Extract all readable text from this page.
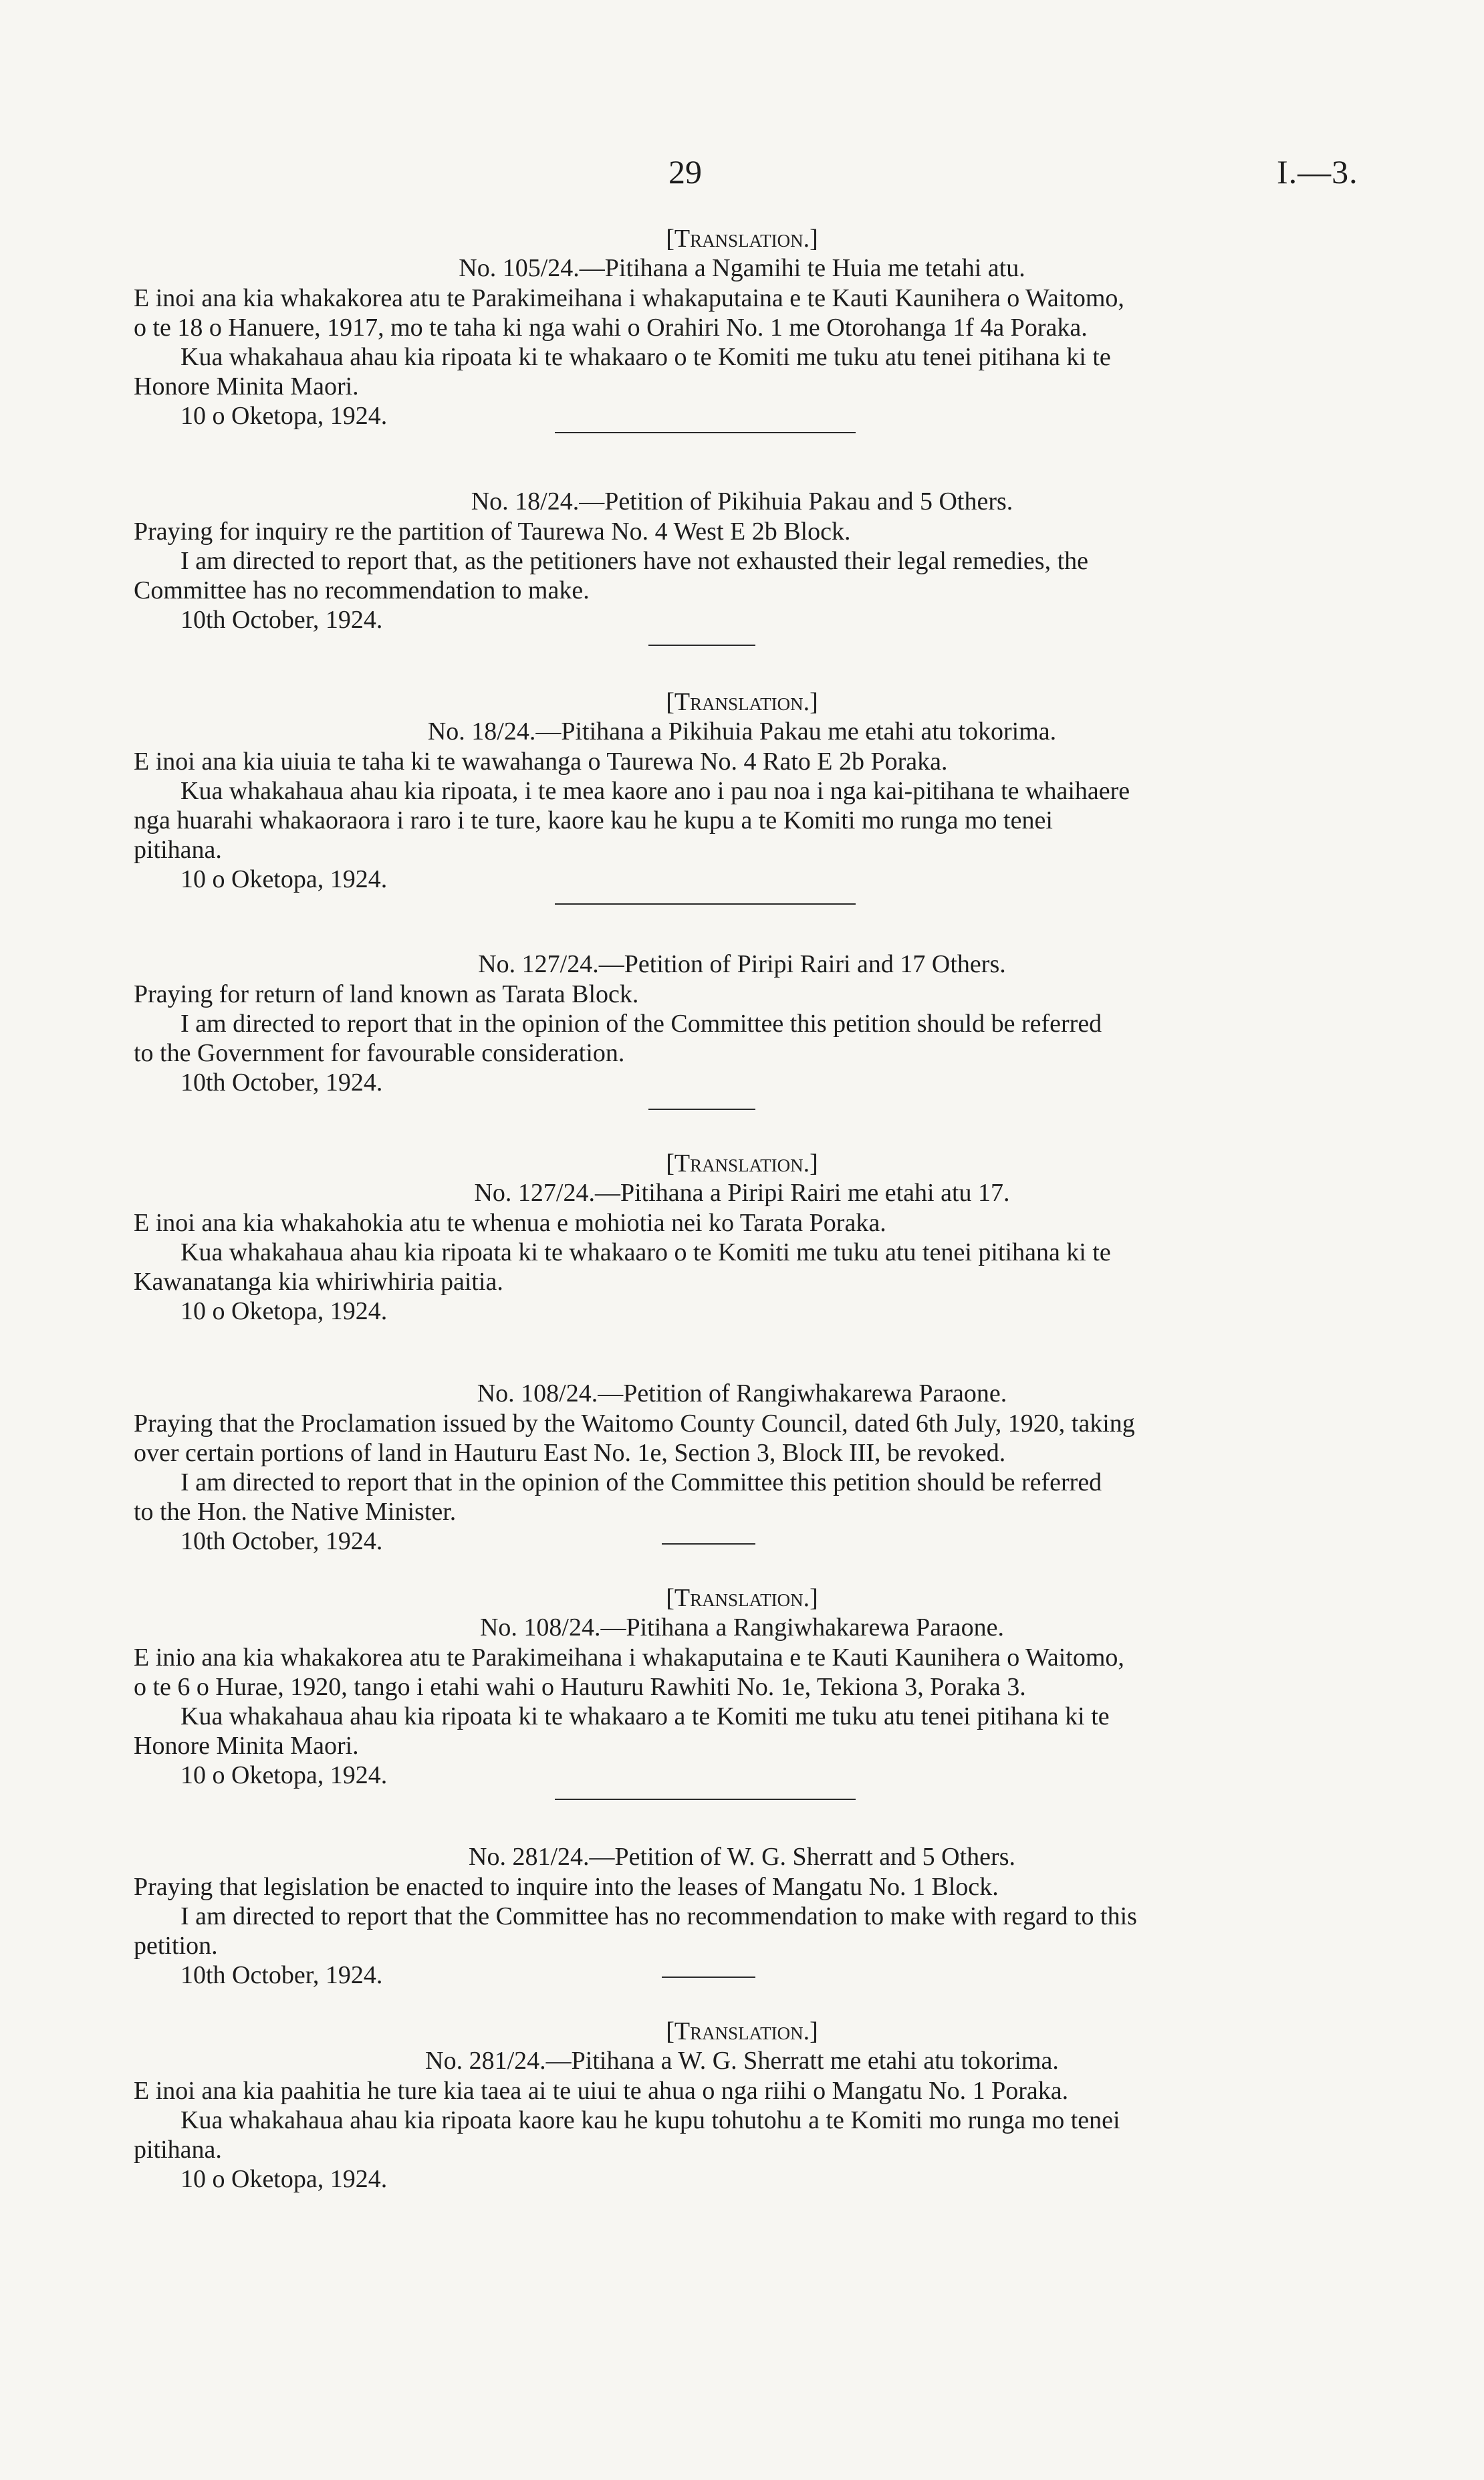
29	I.—3.
[Translation.]
No. 105/24.—Pitihana a Ngamihi te Huia me tetahi atu.
E inoi ana kia whakakorea atu te Parakimeihana i whakaputaina e te Kauti Kaunihera o Waitomo,
o te 18 o Hanuere, 1917, mo te taha ki nga wahi o Orahiri No. 1 me Otorohanga 1f 4a Poraka.
Kua whakahaua ahau kia ripoata ki te whakaaro o te Komiti me tuku atu tenei pitihana ki te
Honore Minita Maori.
10 o Oketopa, 1924.
No. 18/24.—Petition of Pikihuia Pakau and 5 Others.
Praying for inquiry re the partition of Taurewa No. 4 West E 2b Block.
I am directed to report that, as the petitioners have not exhausted their legal remedies, the
Committee has no recommendation to make.
10th October, 1924.
[Translation.]
No. 18/24.—Pitihana a Pikihuia Pakau me etahi atu tokorima.
E inoi ana kia uiuia te taha ki te wawahanga o Taurewa No. 4 Rato E 2b Poraka.
Kua whakahaua ahau kia ripoata, i te mea kaore ano i pau noa i nga kai-pitihana te whaihaere
nga huarahi whakaoraora i raro i te ture, kaore kau he kupu a te Komiti mo runga mo tenei
pitihana.
10 o Oketopa, 1924.
No. 127/24.—Petition of Piripi Rairi and 17 Others.
Praying for return of land known as Tarata Block.
I am directed to report that in the opinion of the Committee this petition should be referred
to the Government for favourable consideration.
10th October, 1924.
[Translation.]
No. 127/24.—Pitihana a Piripi Rairi me etahi atu 17.
E inoi ana kia whakahokia atu te whenua e mohiotia nei ko Tarata Poraka.
Kua whakahaua ahau kia ripoata ki te whakaaro o te Komiti me tuku atu tenei pitihana ki te
Kawanatanga kia whiriwhiria paitia.
10 o Oketopa, 1924.
No. 108/24.—Petition of Rangiwhakarewa Paraone.
Praying that the Proclamation issued by the Waitomo County Council, dated 6th July, 1920, taking
over certain portions of land in Hauturu East No. 1e, Section 3, Block III, be revoked.
I am directed to report that in the opinion of the Committee this petition should be referred
to the Hon. the Native Minister.
10th October, 1924.
[Translation.]
No. 108/24.—Pitihana a Rangiwhakarewa Paraone.
E inio ana kia whakakorea atu te Parakimeihana i whakaputaina e te Kauti Kaunihera o Waitomo,
o te 6 o Hurae, 1920, tango i etahi wahi o Hauturu Rawhiti No. 1e, Tekiona 3, Poraka 3.
Kua whakahaua ahau kia ripoata ki te whakaaro a te Komiti me tuku atu tenei pitihana ki te
Honore Minita Maori.
10 o Oketopa, 1924.
No. 281/24.—Petition of W. G. Sherratt and 5 Others.
Praying that legislation be enacted to inquire into the leases of Mangatu No. 1 Block.
I am directed to report that the Committee has no recommendation to make with regard to this
petition.
10th October, 1924.
[Translation.]
No. 281/24.—Pitihana a W. G. Sherratt me etahi atu tokorima.
E inoi ana kia paahitia he ture kia taea ai te uiui te ahua o nga riihi o Mangatu No. 1 Poraka.
Kua whakahaua ahau kia ripoata kaore kau he kupu tohutohu a te Komiti mo runga mo tenei
pitihana.
10 o Oketopa, 1924.
